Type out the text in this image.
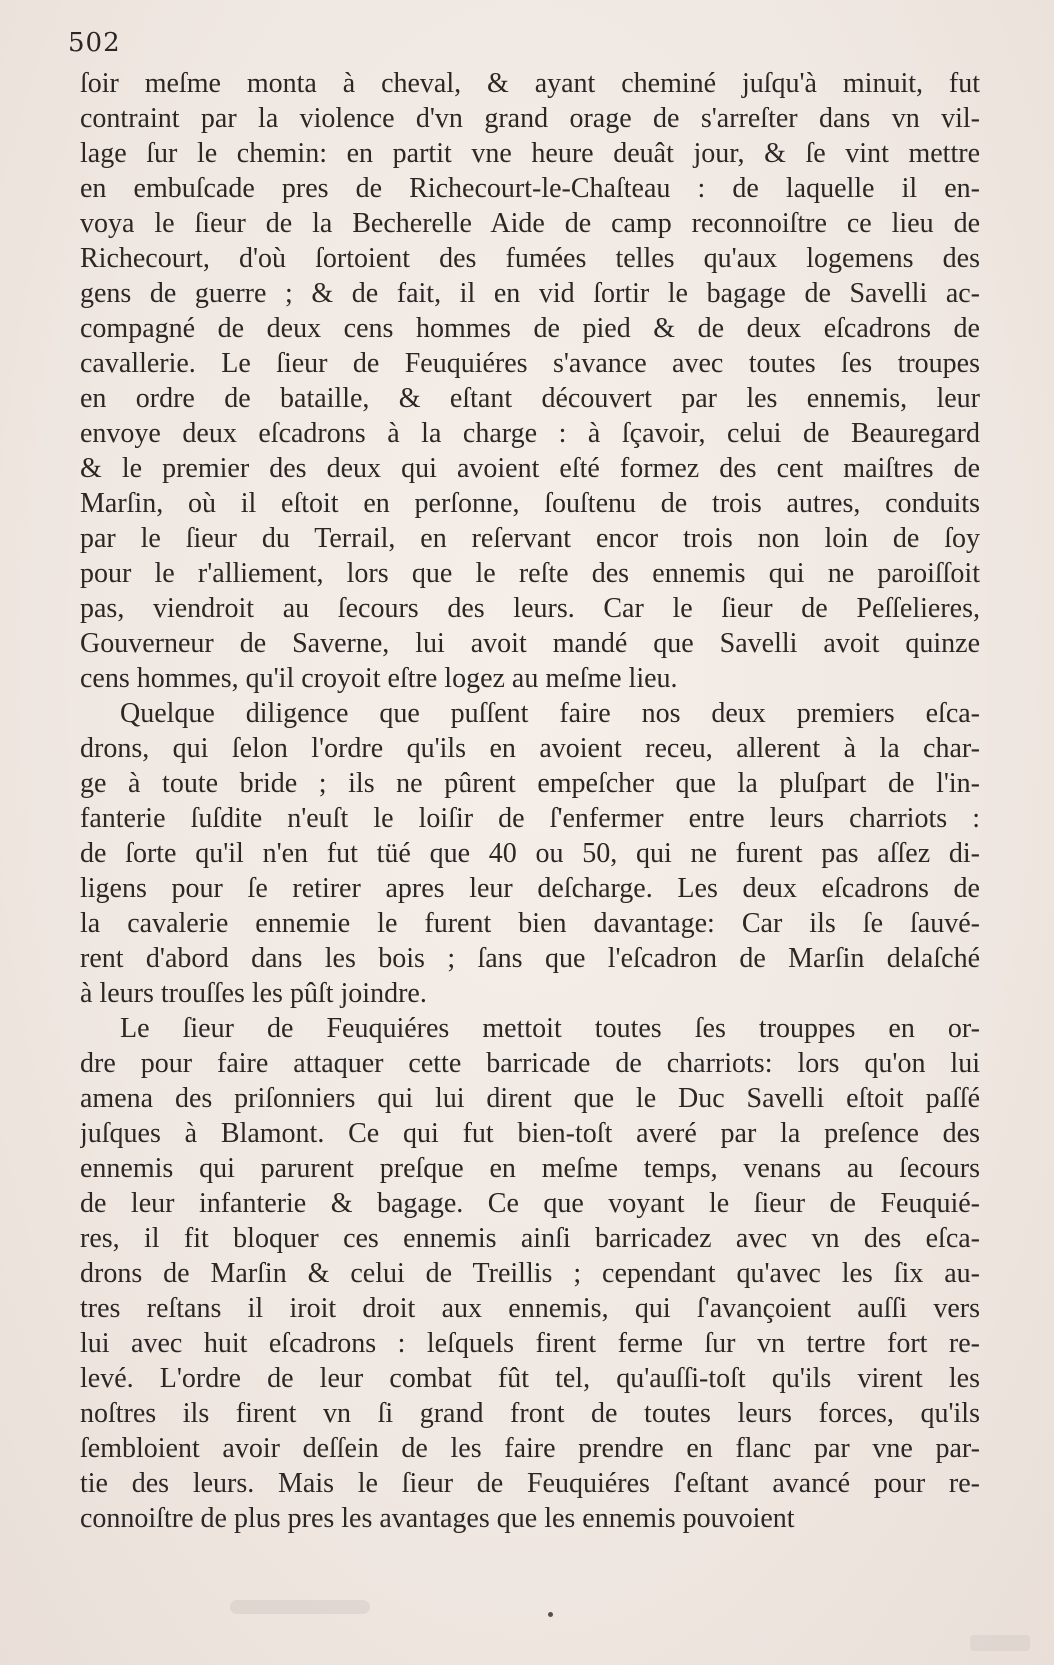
502
ſoir meſme monta à cheval, & ayant cheminé juſqu'à minuit, fut
contraint par la violence d'vn grand orage de s'arreſter dans vn vil-
lage ſur le chemin: en partit vne heure deuât jour, & ſe vint mettre
en embuſcade pres de Richecourt-le-Chaſteau : de laquelle il en-
voya le ſieur de la Becherelle Aide de camp reconnoiſtre ce lieu de
Richecourt, d'où ſortoient des fumées telles qu'aux logemens des
gens de guerre ; & de fait, il en vid ſortir le bagage de Savelli ac-
compagné de deux cens hommes de pied & de deux eſcadrons de
cavallerie. Le ſieur de Feuquiéres s'avance avec toutes ſes troupes
en ordre de bataille, & eſtant découvert par les ennemis, leur
envoye deux eſcadrons à la charge : à ſçavoir, celui de Beauregard
& le premier des deux qui avoient eſté formez des cent maiſtres de
Marſin, où il eſtoit en perſonne, ſouſtenu de trois autres, conduits
par le ſieur du Terrail, en reſervant encor trois non loin de ſoy
pour le r'alliement, lors que le reſte des ennemis qui ne paroiſſoit
pas, viendroit au ſecours des leurs. Car le ſieur de Peſſelieres,
Gouverneur de Saverne, lui avoit mandé que Savelli avoit quinze
cens hommes, qu'il croyoit eſtre logez au meſme lieu.
Quelque diligence que puſſent faire nos deux premiers eſca-
drons, qui ſelon l'ordre qu'ils en avoient receu, allerent à la char-
ge à toute bride ; ils ne pûrent empeſcher que la pluſpart de l'in-
fanterie ſuſdite n'euſt le loiſir de ſ'enfermer entre leurs charriots :
de ſorte qu'il n'en fut tüé que 40 ou 50, qui ne furent pas aſſez di-
ligens pour ſe retirer apres leur deſcharge. Les deux eſcadrons de
la cavalerie ennemie le furent bien davantage: Car ils ſe ſauvé-
rent d'abord dans les bois ; ſans que l'eſcadron de Marſin delaſché
à leurs trouſſes les pûſt joindre.
Le ſieur de Feuquiéres mettoit toutes ſes trouppes en or-
dre pour faire attaquer cette barricade de charriots: lors qu'on lui
amena des priſonniers qui lui dirent que le Duc Savelli eſtoit paſſé
juſques à Blamont. Ce qui fut bien-toſt averé par la preſence des
ennemis qui parurent preſque en meſme temps, venans au ſecours
de leur infanterie & bagage. Ce que voyant le ſieur de Feuquié-
res, il fit bloquer ces ennemis ainſi barricadez avec vn des eſca-
drons de Marſin & celui de Treillis ; cependant qu'avec les ſix au-
tres reſtans il iroit droit aux ennemis, qui ſ'avançoient auſſi vers
lui avec huit eſcadrons : leſquels firent ferme ſur vn tertre fort re-
levé. L'ordre de leur combat fût tel, qu'auſſi-toſt qu'ils virent les
noſtres ils firent vn ſi grand front de toutes leurs forces, qu'ils
ſembloient avoir deſſein de les faire prendre en flanc par vne par-
tie des leurs. Mais le ſieur de Feuquiéres ſ'eſtant avancé pour re-
connoiſtre de plus pres les avantages que les ennemis pouvoient
